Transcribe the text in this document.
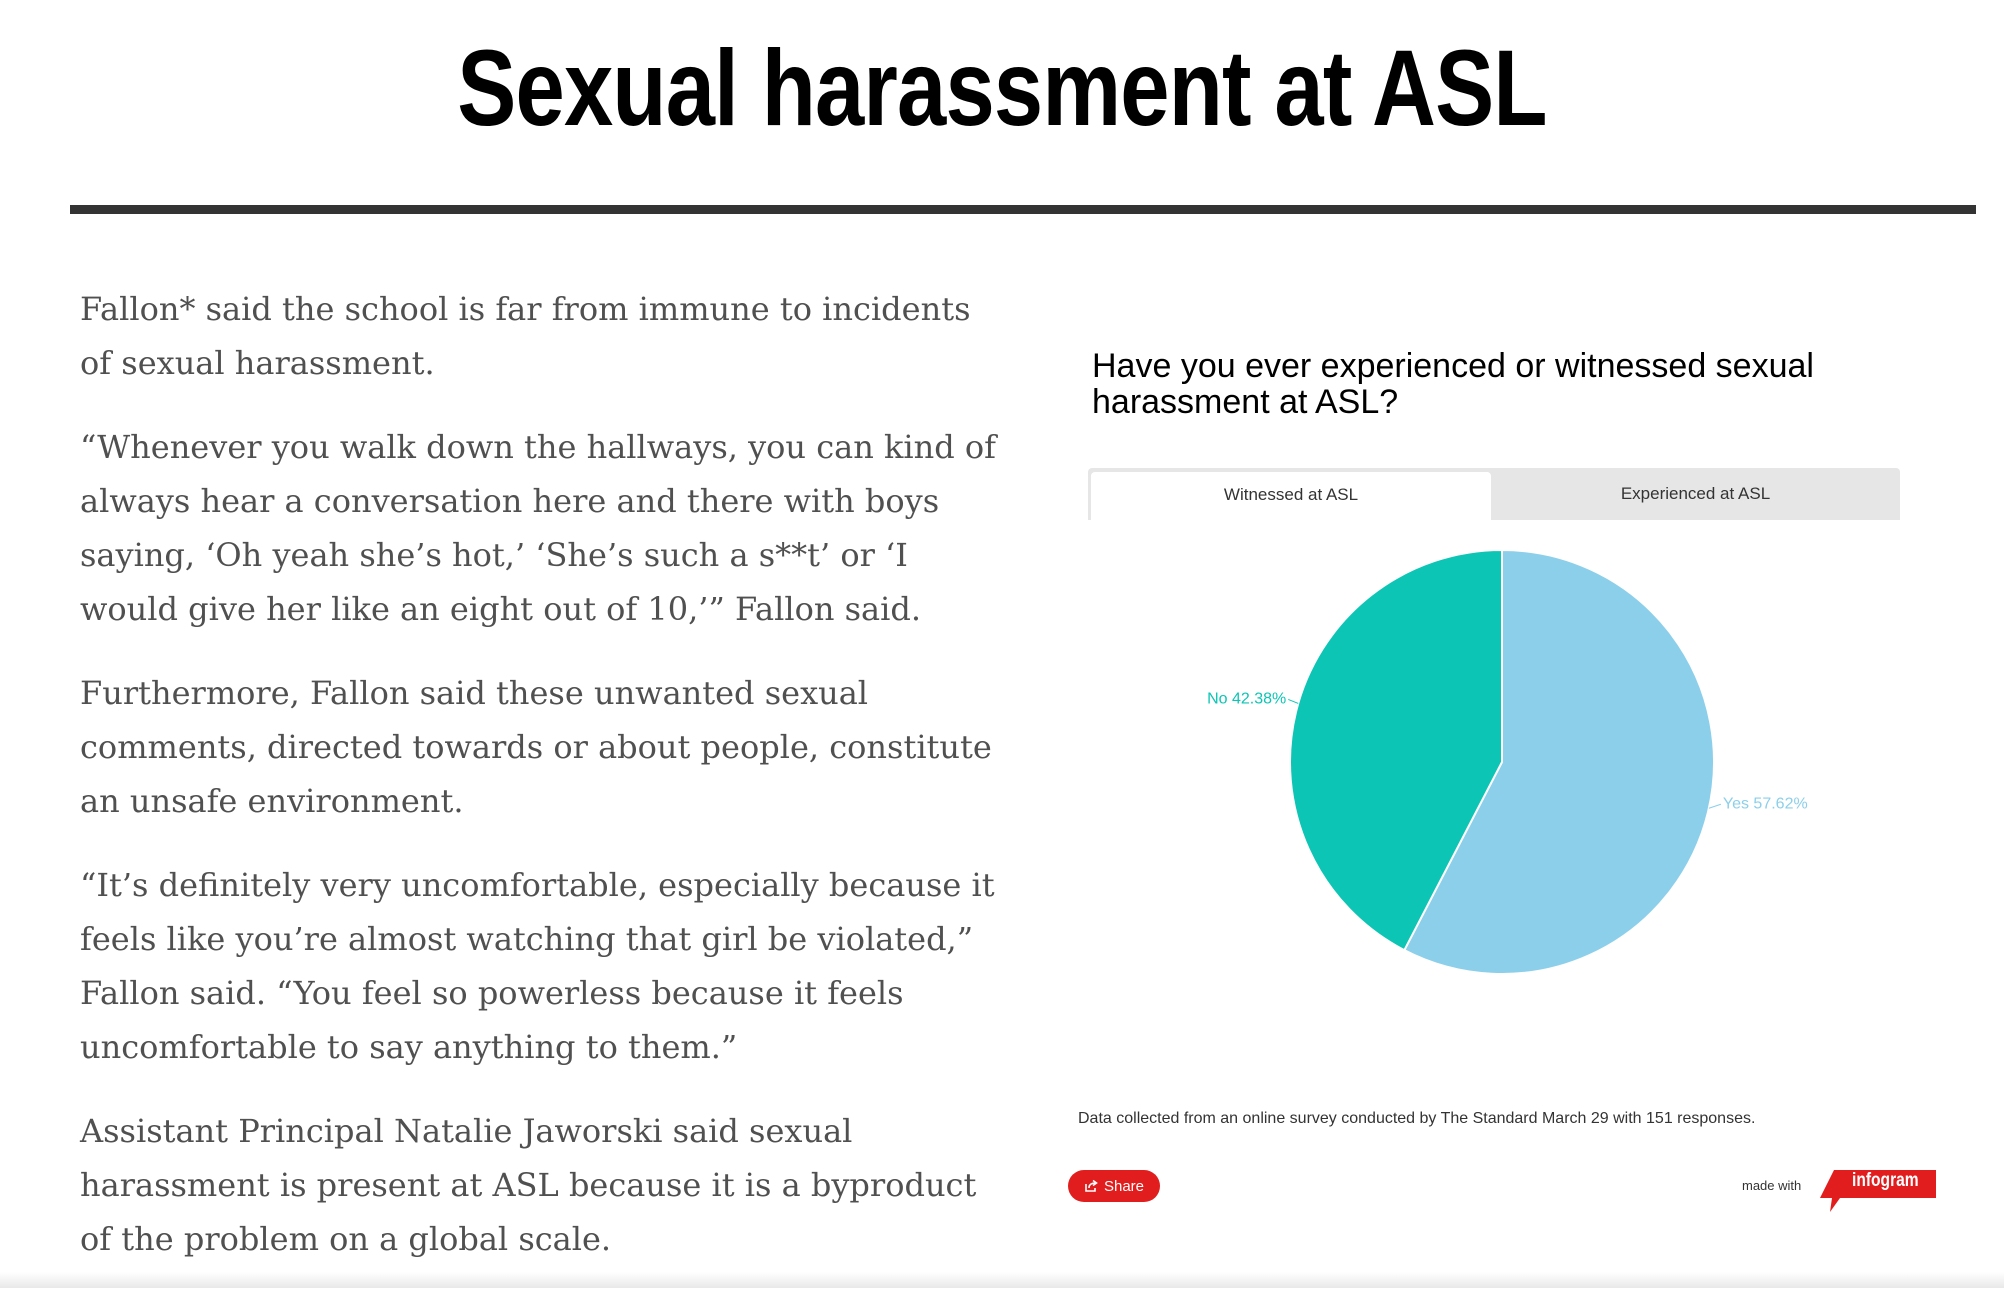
Sexual harassment at ASL

Fallon* said the school is far from immune to incidents of sexual harassment.

“Whenever you walk down the hallways, you can kind of always hear a conversation here and there with boys saying, ‘Oh yeah she’s hot,’ ‘She’s such a s**t’ or ‘I would give her like an eight out of 10,’” Fallon said.

Furthermore, Fallon said these unwanted sexual comments, directed towards or about people, constitute an unsafe environment.

“It’s definitely very uncomfortable, especially because it feels like you’re almost watching that girl be violated,” Fallon said. “You feel so powerless because it feels uncomfortable to say anything to them.”

Assistant Principal Natalie Jaworski said sexual harassment is present at ASL because it is a byproduct of the problem on a global scale.

Have you ever experienced or witnessed sexual harassment at ASL?
Witnessed at ASL	Experienced at ASL
Yes 57.62%
No 42.38%
Data collected from an online survey conducted by The Standard March 29 with 151 responses.
Share	made with	infogram
